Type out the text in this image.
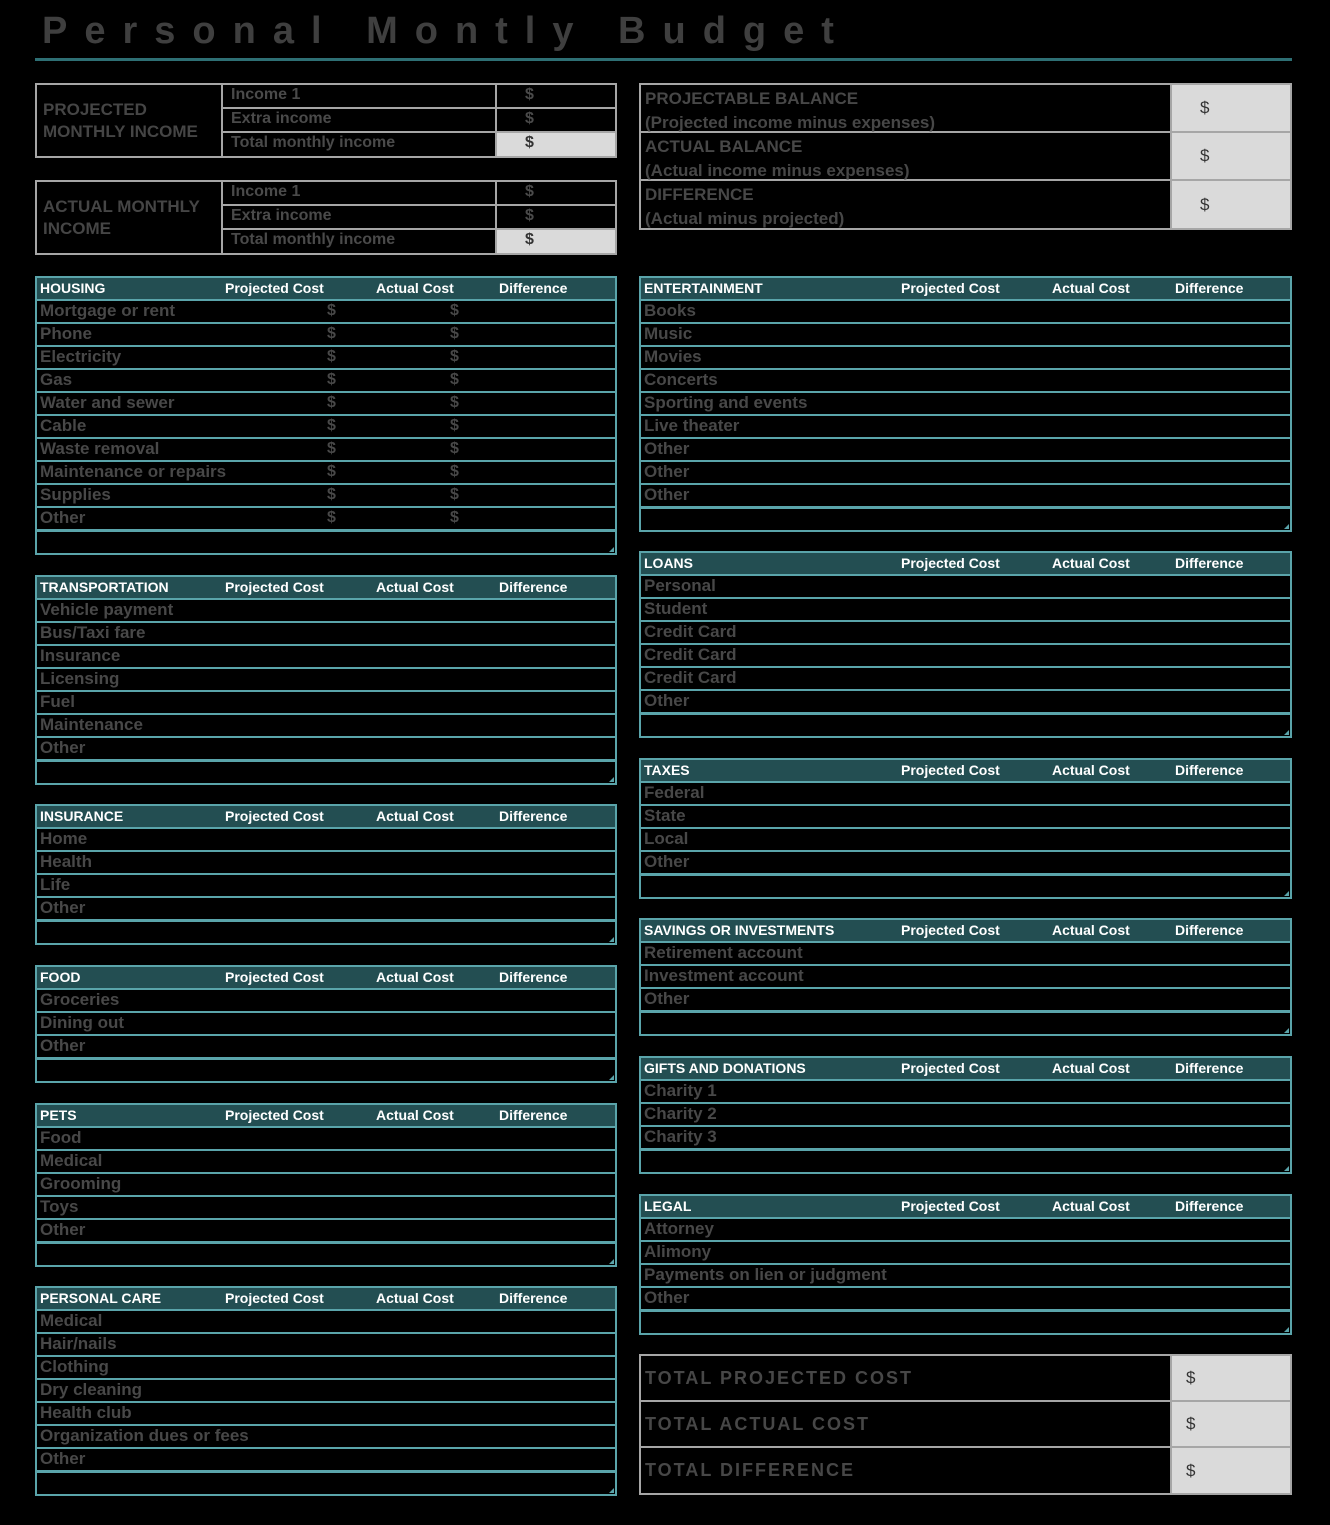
Personal Montly Budget
PROJECTED MONTHLY INCOME
Income 1	$
Extra income	$
Total monthly income	$
ACTUAL MONTHLY INCOME
Income 1	$
Extra income	$
Total monthly income	$
PROJECTABLE BALANCE
(Projected income minus expenses)
$
ACTUAL BALANCE
(Actual income minus expenses)
$
DIFFERENCE
(Actual minus projected)
$
HOUSING	Projected Cost	Actual Cost	Difference
Mortgage or rent	$	$
Phone	$	$
Electricity	$	$
Gas	$	$
Water and sewer	$	$
Cable	$	$
Waste removal	$	$
Maintenance or repairs	$	$
Supplies	$	$
Other	$	$
TRANSPORTATION	Projected Cost	Actual Cost	Difference
Vehicle payment
Bus/Taxi fare
Insurance
Licensing
Fuel
Maintenance
Other
INSURANCE	Projected Cost	Actual Cost	Difference
Home
Health
Life
Other
FOOD	Projected Cost	Actual Cost	Difference
Groceries
Dining out
Other
PETS	Projected Cost	Actual Cost	Difference
Food
Medical
Grooming
Toys
Other
PERSONAL CARE	Projected Cost	Actual Cost	Difference
Medical
Hair/nails
Clothing
Dry cleaning
Health club
Organization dues or fees
Other
ENTERTAINMENT	Projected Cost	Actual Cost	Difference
Books
Music
Movies
Concerts
Sporting and events
Live theater
Other
Other
Other
LOANS	Projected Cost	Actual Cost	Difference
Personal
Student
Credit Card
Credit Card
Credit Card
Other
TAXES	Projected Cost	Actual Cost	Difference
Federal
State
Local
Other
SAVINGS OR INVESTMENTS	Projected Cost	Actual Cost	Difference
Retirement account
Investment account
Other
GIFTS AND DONATIONS	Projected Cost	Actual Cost	Difference
Charity 1
Charity 2
Charity 3
LEGAL	Projected Cost	Actual Cost	Difference
Attorney
Alimony
Payments on lien or judgment
Other
TOTAL PROJECTED COST	$
TOTAL ACTUAL COST	$
TOTAL DIFFERENCE	$
